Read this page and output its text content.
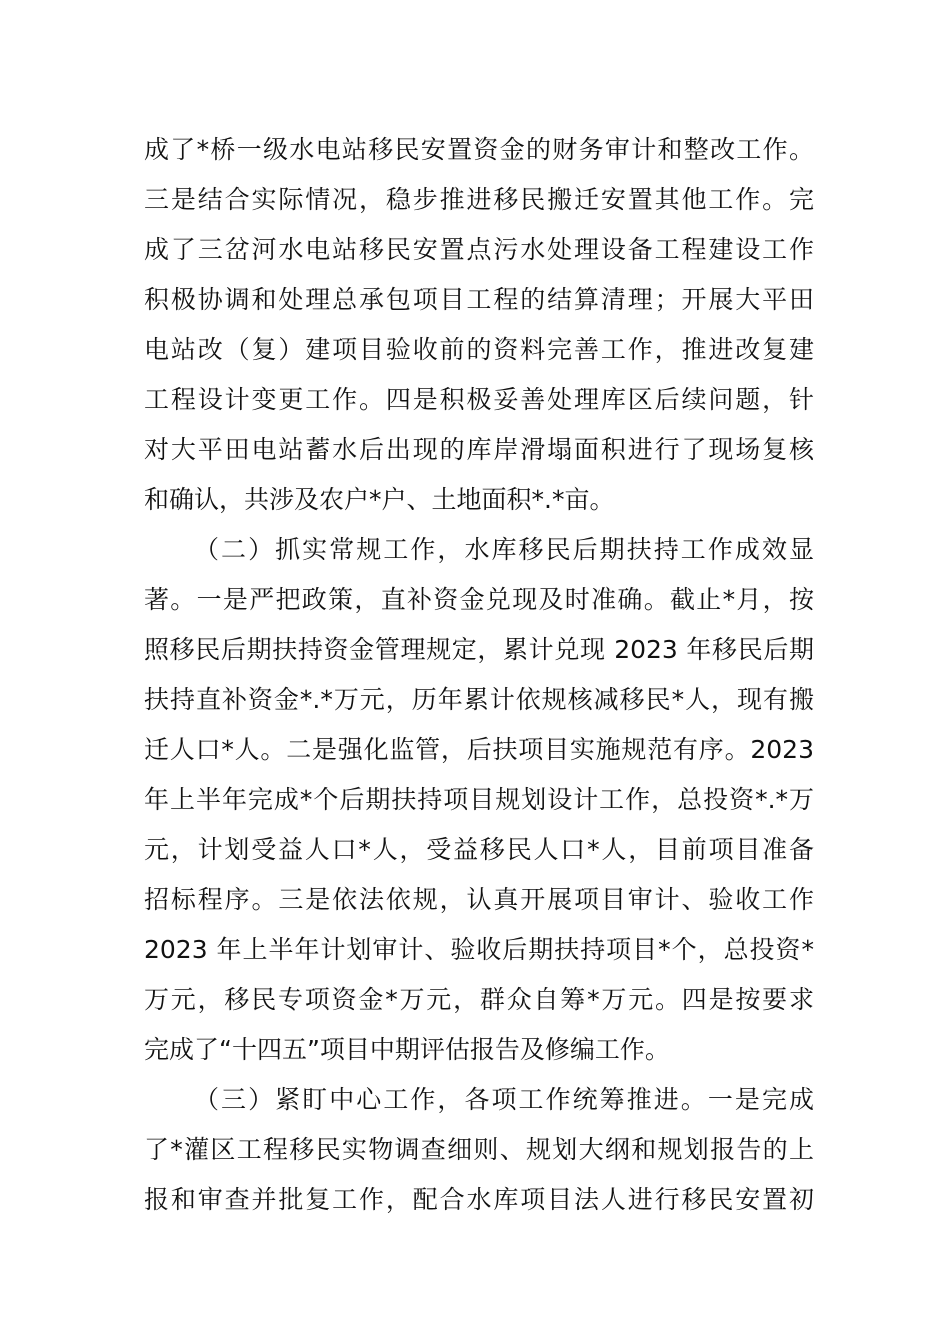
成了*桥一级水电站移民安置资金的财务审计和整改工作。
三是结合实际情况，稳步推进移民搬迁安置其他工作。完
成了三岔河水电站移民安置点污水处理设备工程建设工作
积极协调和处理总承包项目工程的结算清理；开展大平田
电站改（复）建项目验收前的资料完善工作，推进改复建
工程设计变更工作。四是积极妥善处理库区后续问题，针
对大平田电站蓄水后出现的库岸滑塌面积进行了现场复核
和确认，共涉及农户*户、土地面积*.*亩。
（二）抓实常规工作，水库移民后期扶持工作成效显
著。一是严把政策，直补资金兑现及时准确。截止*月，按
照移民后期扶持资金管理规定，累计兑现 2023 年移民后期
扶持直补资金*.*万元，历年累计依规核减移民*人，现有搬
迁人口*人。二是强化监管，后扶项目实施规范有序。2023
年上半年完成*个后期扶持项目规划设计工作，总投资*.*万
元，计划受益人口*人，受益移民人口*人，目前项目准备
招标程序。三是依法依规，认真开展项目审计、验收工作
2023 年上半年计划审计、验收后期扶持项目*个，总投资*
万元，移民专项资金*万元，群众自筹*万元。四是按要求
完成了“十四五”项目中期评估报告及修编工作。
（三）紧盯中心工作，各项工作统筹推进。一是完成
了*灌区工程移民实物调查细则、规划大纲和规划报告的上
报和审查并批复工作，配合水库项目法人进行移民安置初
